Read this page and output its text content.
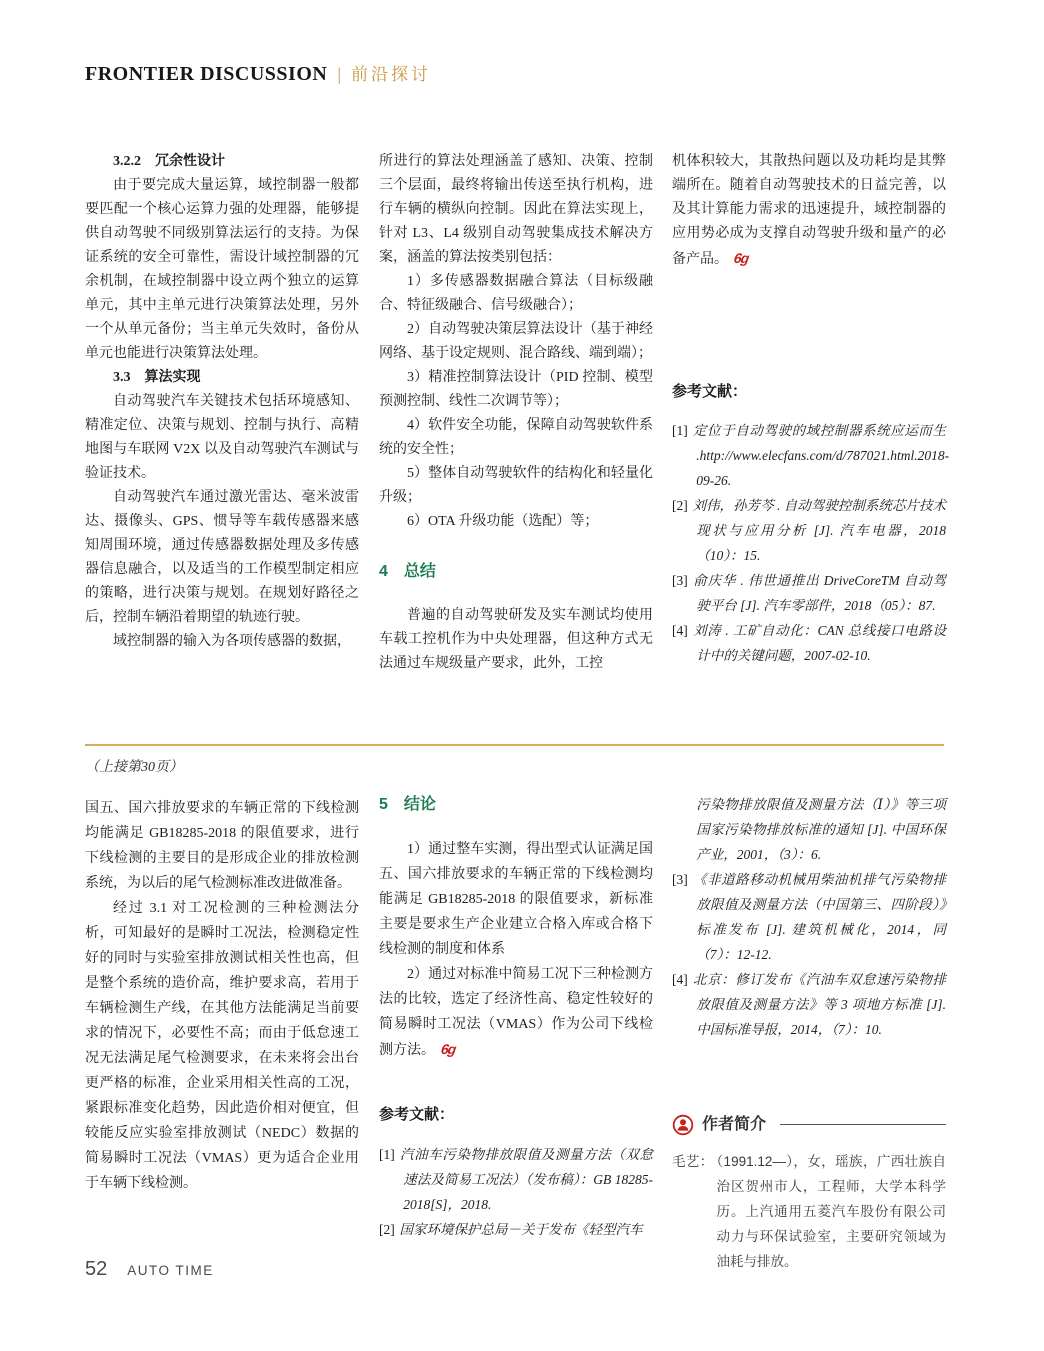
FRONTIER DISCUSSION | 前沿探讨

3.2.2　冗余性设计

由于要完成大量运算，域控制器一般都要匹配一个核心运算力强的处理器，能够提供自动驾驶不同级别算法运行的支持。为保证系统的安全可靠性，需设计域控制器的冗余机制，在域控制器中设立两个独立的运算单元，其中主单元进行决策算法处理，另外一个从单元备份；当主单元失效时，备份从单元也能进行决策算法处理。

3.3　算法实现

自动驾驶汽车关键技术包括环境感知、精准定位、决策与规划、控制与执行、高精地图与车联网 V2X 以及自动驾驶汽车测试与验证技术。

自动驾驶汽车通过激光雷达、毫米波雷达、摄像头、GPS、惯导等车载传感器来感知周围环境，通过传感器数据处理及多传感器信息融合，以及适当的工作模型制定相应的策略，进行决策与规划。在规划好路径之后，控制车辆沿着期望的轨迹行驶。

域控制器的输入为各项传感器的数据，

所进行的算法处理涵盖了感知、决策、控制三个层面，最终将输出传送至执行机构，进行车辆的横纵向控制。因此在算法实现上，针对 L3、L4 级别自动驾驶集成技术解决方案，涵盖的算法按类别包括：

1）多传感器数据融合算法（目标级融合、特征级融合、信号级融合）；

2）自动驾驶决策层算法设计（基于神经网络、基于设定规则、混合路线、端到端）；

3）精准控制算法设计（PID 控制、模型预测控制、线性二次调节等）；

4）软件安全功能，保障自动驾驶软件系统的安全性；

5）整体自动驾驶软件的结构化和轻量化升级；

6）OTA 升级功能（选配）等；

4 总结

普遍的自动驾驶研发及实车测试均使用车载工控机作为中央处理器，但这种方式无法通过车规级量产要求，此外，工控

机体积较大，其散热问题以及功耗均是其弊端所在。随着自动驾驶技术的日益完善，以及其计算能力需求的迅速提升，域控制器的应用势必成为支撑自动驾驶升级和量产的必备产品。 6g

参考文献：

[1] 定位于自动驾驶的域控制器系统应运而生 .http://www.elecfans.com/d/787021.html.2018-09-26.

[2] 刘伟，孙芳芩 . 自动驾驶控制系统芯片技术现状与应用分析 [J]. 汽车电器，2018（10）：15.

[3] 俞庆华 . 伟世通推出 DriveCoreTM 自动驾驶平台 [J]. 汽车零部件，2018（05）：87.

[4] 刘涛 . 工矿自动化：CAN 总线接口电路设计中的关键问题，2007-02-10.

（上接第30页）

国五、国六排放要求的车辆正常的下线检测均能满足 GB18285-2018 的限值要求，进行下线检测的主要目的是形成企业的排放检测系统，为以后的尾气检测标准改进做准备。

经过 3.1 对工况检测的三种检测法分析，可知最好的是瞬时工况法，检测稳定性好的同时与实验室排放测试相关性也高，但是整个系统的造价高，维护要求高，若用于车辆检测生产线，在其他方法能满足当前要求的情况下，必要性不高；而由于低怠速工况无法满足尾气检测要求，在未来将会出台更严格的标准，企业采用相关性高的工况，紧跟标准变化趋势，因此造价相对便宜，但较能反应实验室排放测试（NEDC）数据的简易瞬时工况法（VMAS）更为适合企业用于车辆下线检测。

5 结论

1）通过整车实测，得出型式认证满足国五、国六排放要求的车辆正常的下线检测均能满足 GB18285-2018 的限值要求，新标准主要是要求生产企业建立合格入库或合格下线检测的制度和体系

2）通过对标准中简易工况下三种检测方法的比较，选定了经济性高、稳定性较好的简易瞬时工况法（VMAS）作为公司下线检测方法。 6g

参考文献：

[1] 汽油车污染物排放限值及测量方法（双怠速法及简易工况法）（发布稿）：GB 18285-2018[S]，2018.

[2] 国家环境保护总局－关于发布《轻型汽车

污染物排放限值及测量方法（Ⅰ）》等三项国家污染物排放标准的通知 [J]. 中国环保产业，2001，（3）：6.

[3] 《非道路移动机械用柴油机排气污染物排放限值及测量方法（中国第三、四阶段）》标准发布 [J]. 建筑机械化，2014，同（7）：12-12.

[4] 北京：修订发布《汽油车双怠速污染物排放限值及测量方法》等 3 项地方标准 [J]. 中国标准导报，2014，（7）：10.

作者简介

毛艺： （1991.12—），女，瑶族，广西壮族自治区贺州市人，工程师，大学本科学历。上汽通用五菱汽车股份有限公司动力与环保试验室，主要研究领域为油耗与排放。

52 AUTO TIME
